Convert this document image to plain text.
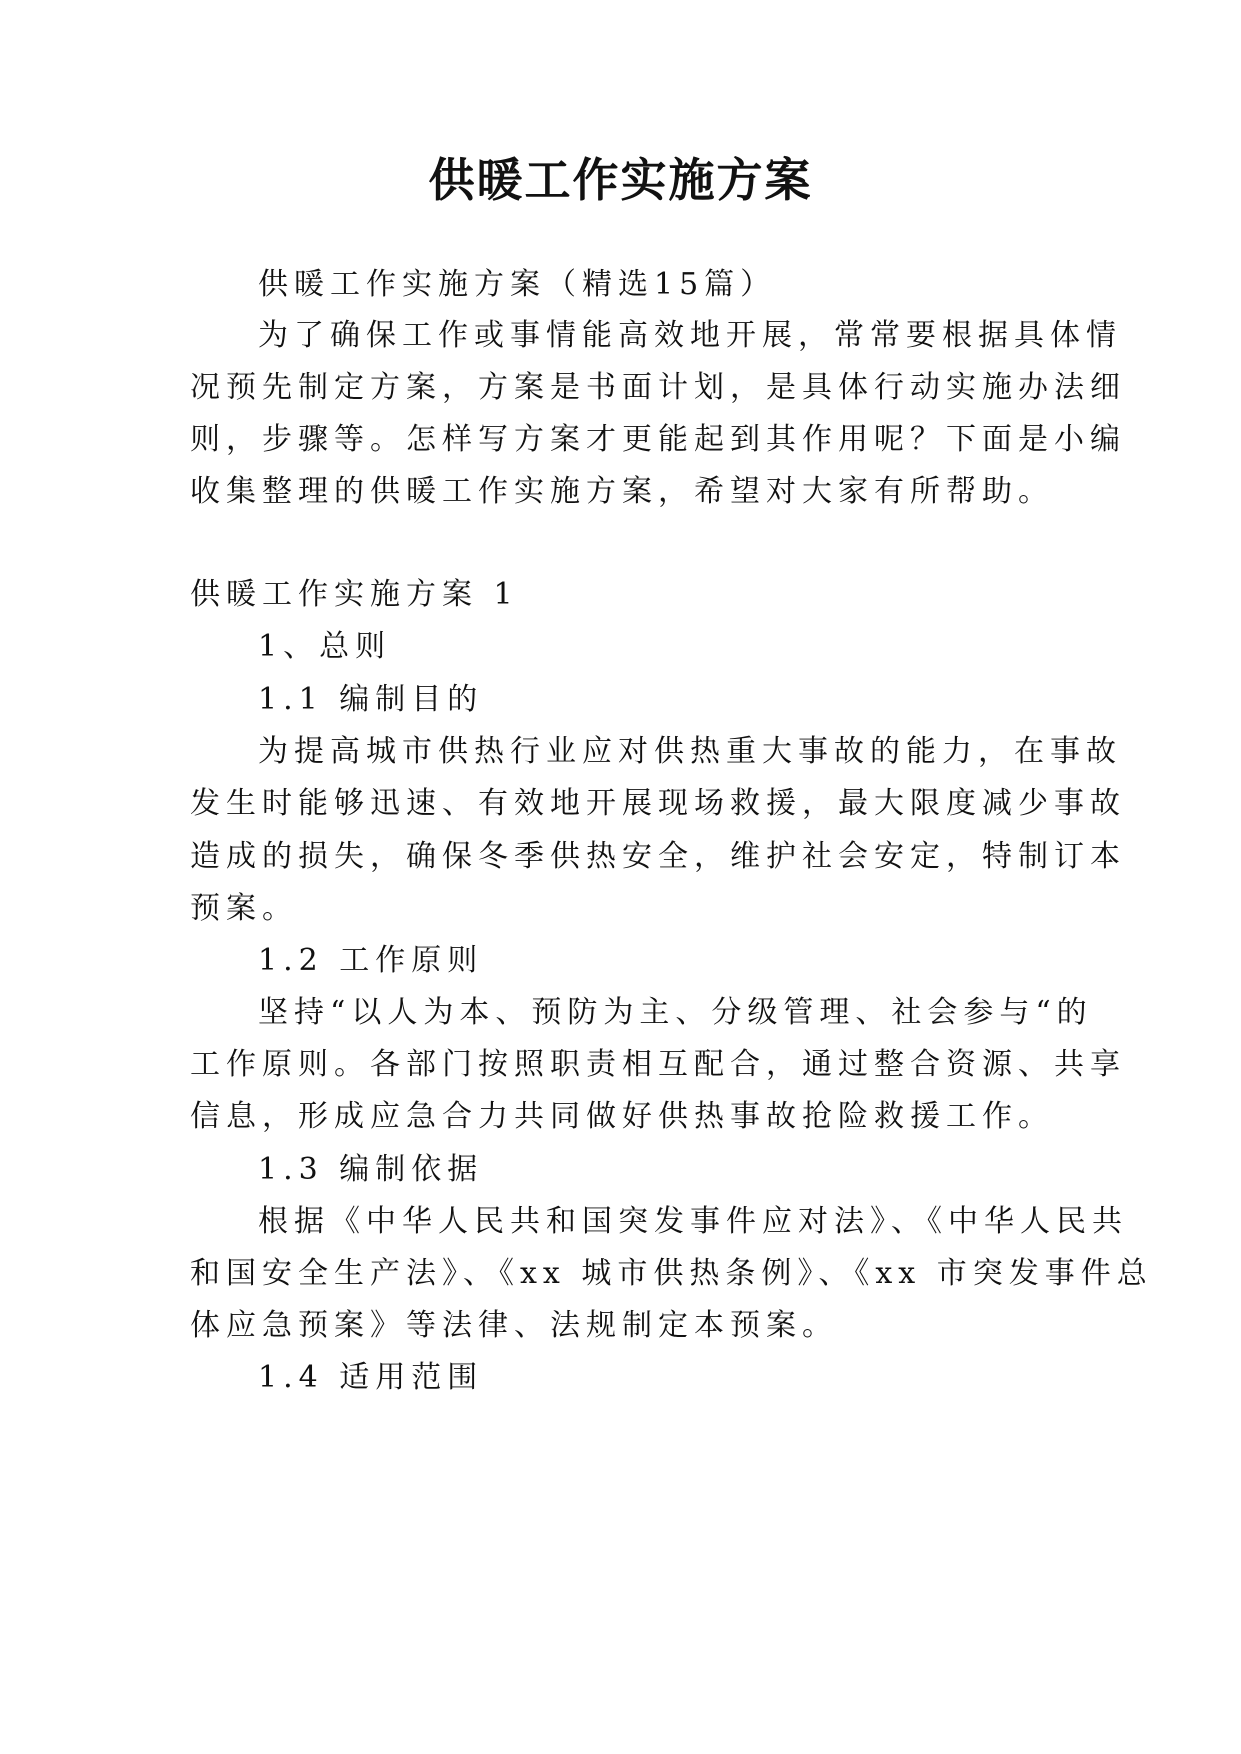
供暖工作实施方案
供暖工作实施方案（精选15篇）
为了确保工作或事情能高效地开展，常常要根据具体情
况预先制定方案，方案是书面计划，是具体行动实施办法细
则，步骤等。怎样写方案才更能起到其作用呢？下面是小编
收集整理的供暖工作实施方案，希望对大家有所帮助。
供暖工作实施方案 1
1、总则
1.1 编制目的
为提高城市供热行业应对供热重大事故的能力，在事故
发生时能够迅速、有效地开展现场救援，最大限度减少事故
造成的损失，确保冬季供热安全，维护社会安定，特制订本
预案。
1.2 工作原则
坚持“以人为本、预防为主、分级管理、社会参与“的
工作原则。各部门按照职责相互配合，通过整合资源、共享
信息，形成应急合力共同做好供热事故抢险救援工作。
1.3 编制依据
根据《中华人民共和国突发事件应对法》、《中华人民共
和国安全生产法》、《xx 城市供热条例》、《xx 市突发事件总
体应急预案》等法律、法规制定本预案。
1.4 适用范围
